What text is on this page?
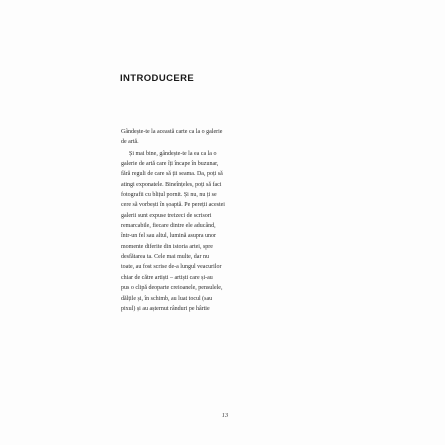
INTRODUCERE
Gândește-te la această carte ca la o galerie
de artă.
Și mai bine, gândește-te la ea ca la o
galerie de artă care îți încape în buzunar,
fără reguli de care să ții seama. Da, poți să
atingi exponatele. Bineînțeles, poți să faci
fotografii cu blițul pornit. Și nu, nu ți se
cere să vorbești în șoaptă. Pe pereții acestei
galerii sunt expuse treizeci de scrisori
remarcabile, fiecare dintre ele aducând,
într-un fel sau altul, lumină asupra unor
momente diferite din istoria artei, spre
desfătarea ta. Cele mai multe, dar nu
toate, au fost scrise de-a lungul veacurilor
chiar de către artiști – artiști care și-au
pus o clipă deoparte creioanele, pensulele,
dălțile și, în schimb, au luat tocul (sau
pixul) și au așternut rânduri pe hârtie
13
